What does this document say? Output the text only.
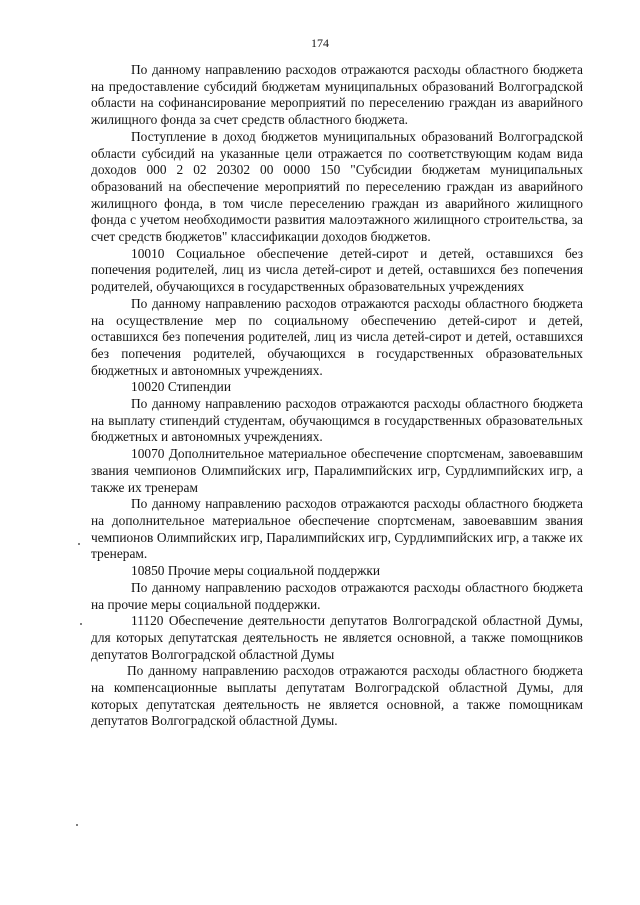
174

По данному направлению расходов отражаются расходы областного бюджета на предоставление субсидий бюджетам муниципальных образований Волгоградской области на софинансирование мероприятий по переселению граждан из аварийного жилищного фонда за счет средств областного бюджета.

Поступление в доход бюджетов муниципальных образований Волгоградской области субсидий на указанные цели отражается по соответствующим кодам вида доходов 000 2 02 20302 00 0000 150 "Субсидии бюджетам муниципальных образований на обеспечение мероприятий по переселению граждан из аварийного жилищного фонда, в том числе переселению граждан из аварийного жилищного фонда с учетом необходимости развития малоэтажного жилищного строительства, за счет средств бюджетов" классификации доходов бюджетов.

10010 Социальное обеспечение детей-сирот и детей, оставшихся без попечения родителей, лиц из числа детей-сирот и детей, оставшихся без попечения родителей, обучающихся в государственных образовательных учреждениях

По данному направлению расходов отражаются расходы областного бюджета на осуществление мер по социальному обеспечению детей-сирот и детей, оставшихся без попечения родителей, лиц из числа детей-сирот и детей, оставшихся без попечения родителей, обучающихся в государственных образовательных бюджетных и автономных учреждениях.

10020 Стипендии

По данному направлению расходов отражаются расходы областного бюджета на выплату стипендий студентам, обучающимся в государственных образовательных бюджетных и автономных учреждениях.

10070 Дополнительное материальное обеспечение спортсменам, завоевавшим звания чемпионов Олимпийских игр, Паралимпийских игр, Сурдлимпийских игр, а также их тренерам

По данному направлению расходов отражаются расходы областного бюджета на дополнительное материальное обеспечение спортсменам, завоевавшим звания чемпионов Олимпийских игр, Паралимпийских игр, Сурдлимпийских игр, а также их тренерам.

10850 Прочие меры социальной поддержки

По данному направлению расходов отражаются расходы областного бюджета на прочие меры социальной поддержки.

11120 Обеспечение деятельности депутатов Волгоградской областной Думы, для которых депутатская деятельность не является основной, а также помощников депутатов Волгоградской областной Думы

По данному направлению расходов отражаются расходы областного бюджета на компенсационные выплаты депутатам Волгоградской областной Думы, для которых депутатская деятельность не является основной, а также помощникам депутатов Волгоградской областной Думы.
